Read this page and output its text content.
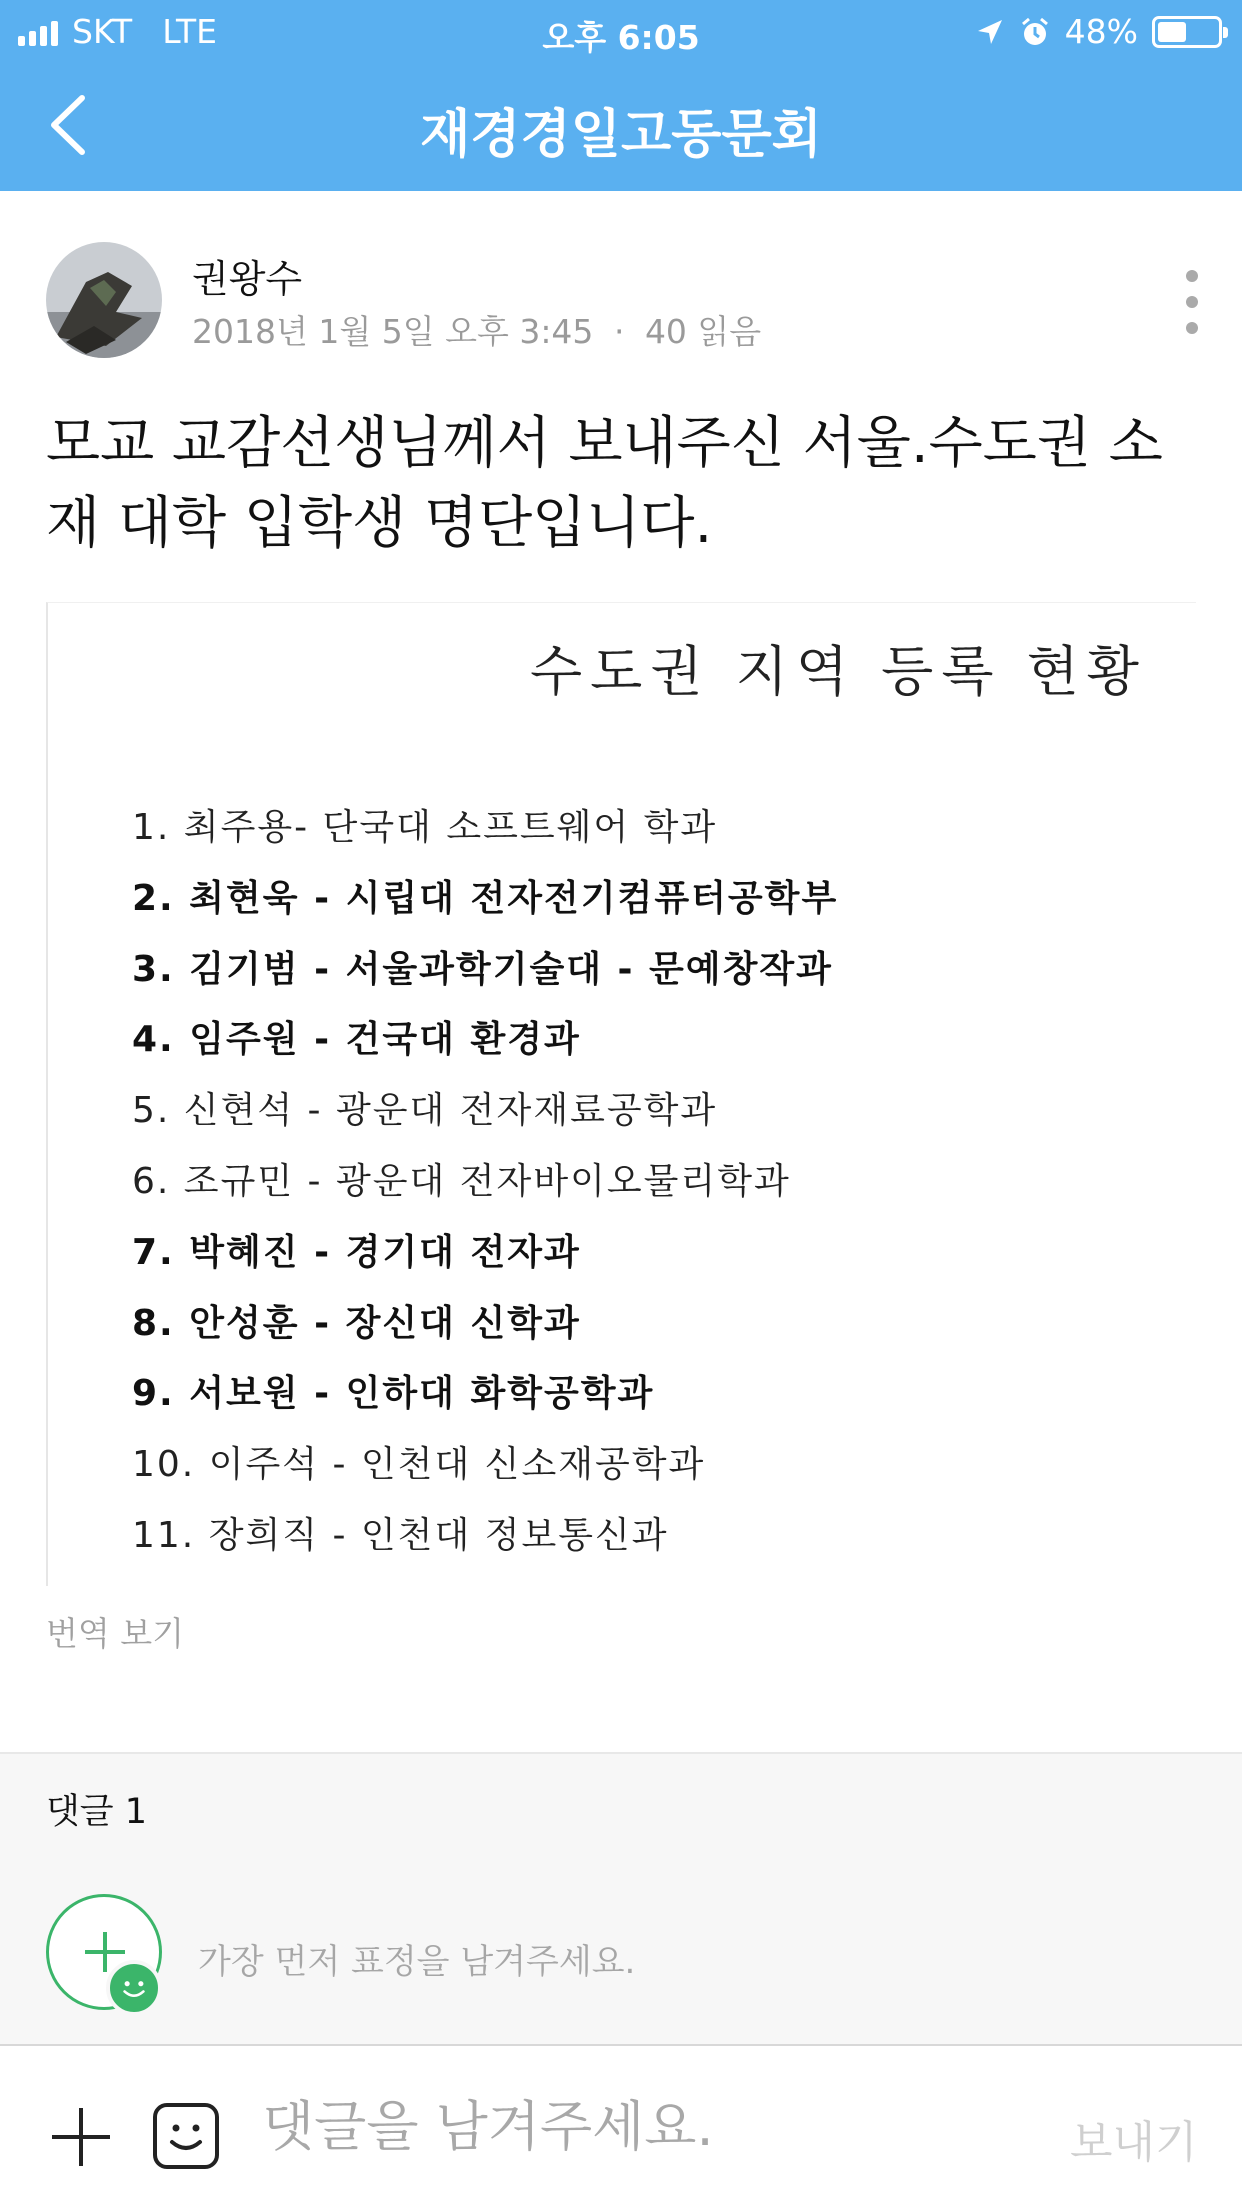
SKT LTE	오후 6:05	48%
재경경일고동문회
권왕수
2018년 1월 5일 오후 3:45 · 40 읽음
모교 교감선생님께서 보내주신 서울.수도권 소재 대학 입학생 명단입니다.
수도권 지역 등록 현황
1. 최주용- 단국대 소프트웨어 학과
2. 최현욱 - 시립대 전자전기컴퓨터공학부
3. 김기범 - 서울과학기술대 - 문예창작과
4. 임주원 - 건국대 환경과
5. 신현석 - 광운대 전자재료공학과
6. 조규민 - 광운대 전자바이오물리학과
7. 박혜진 - 경기대 전자과
8. 안성훈 - 장신대 신학과
9. 서보원 - 인하대 화학공학과
10. 이주석 - 인천대 신소재공학과
11. 장희직 - 인천대 정보통신과
번역 보기
댓글 1
가장 먼저 표정을 남겨주세요.
댓글을 남겨주세요.
보내기
